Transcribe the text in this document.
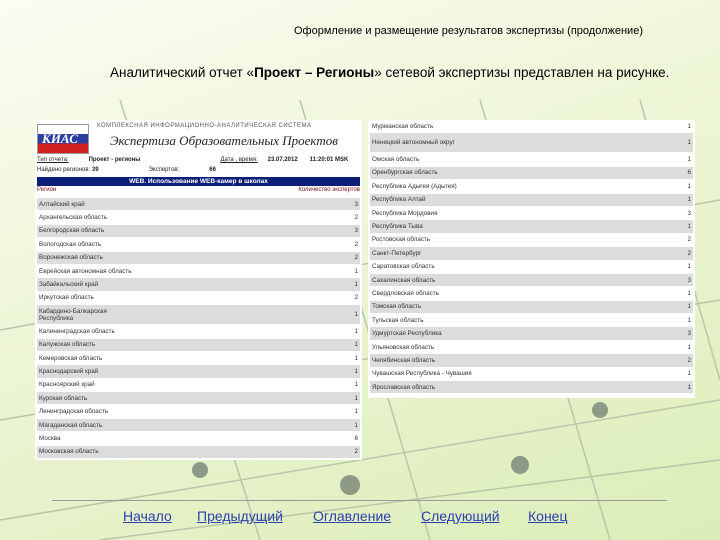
Оформление и размещение результатов экспертизы (продолжение)
Аналитический отчет «Проект – Регионы» сетевой экспертизы представлен на рисунке.
КИАС
КОМПЛЕКСНАЯ ИНФОРМАЦИОННО-АНАЛИТИЧЕСКАЯ СИСТЕМА
Экспертиза Образовательных Проектов
Тип отчета:	Проект - регионы	Дата , время: 23.07.2012 11:20:01 MSK
Найдено регионов: 39	Экспертов:	66
WEB. Использование WEB-камер в школах
Регион	Количество экспертов
Алтайский край	3
Архангельская область	2
Белгородская область	3
Вологодская область	2
Воронежская область	2
Еврейская автономная область	1
Забайкальский край	1
Иркутская область	2
Кабардино-Балкарская Республика	1
Калининградская область	1
Калужская область	1
Кемеровская область	1
Краснодарский край	1
Красноярский край	1
Курская область	1
Ленинградская область	1
Магаданская область	1
Москва	6
Московская область	2
Мурманская область	1
Ненецкий автономный округ	1
Омская область	1
Оренбургская область	6
Республика Адыгея (Адыгея)	1
Республика Алтай	1
Республика Мордовия	3
Республика Тыва	1
Ростовская область	2
Санкт-Петербург	2
Саратовская область	1
Сахалинская область	3
Свердловская область	1
Томская область	1
Тульская область	1
Удмуртская Республика	3
Ульяновская область	1
Челябинская область	2
Чувашская Республика - Чувашия	1
Ярославская область	1
Начало Предыдущий Оглавление Следующий Конец
